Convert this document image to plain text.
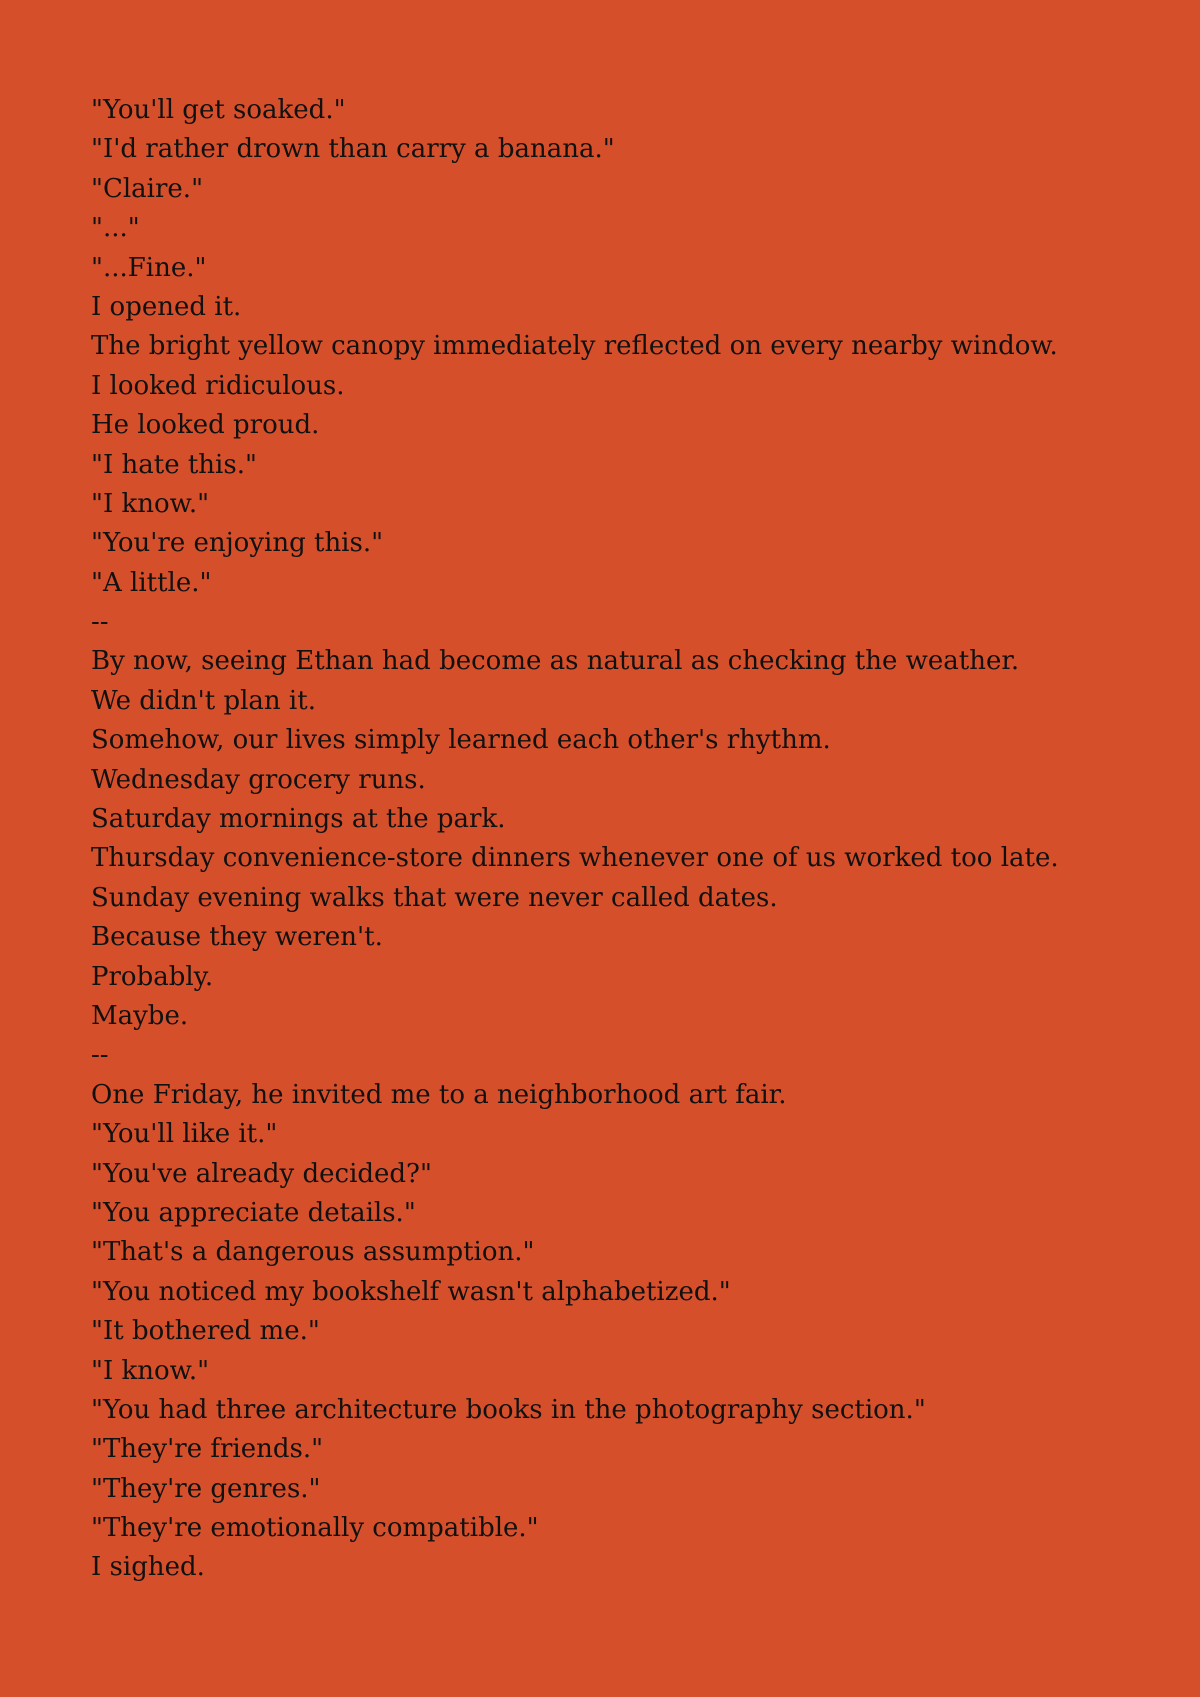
"You'll get soaked."
"I'd rather drown than carry a banana."
"Claire."
"..."
"...Fine."
I opened it.
The bright yellow canopy immediately reflected on every nearby window.
I looked ridiculous.
He looked proud.
"I hate this."
"I know."
"You're enjoying this."
"A little."
--
By now, seeing Ethan had become as natural as checking the weather.
We didn't plan it.
Somehow, our lives simply learned each other's rhythm.
Wednesday grocery runs.
Saturday mornings at the park.
Thursday convenience-store dinners whenever one of us worked too late.
Sunday evening walks that were never called dates.
Because they weren't.
Probably.
Maybe.
--
One Friday, he invited me to a neighborhood art fair.
"You'll like it."
"You've already decided?"
"You appreciate details."
"That's a dangerous assumption."
"You noticed my bookshelf wasn't alphabetized."
"It bothered me."
"I know."
"You had three architecture books in the photography section."
"They're friends."
"They're genres."
"They're emotionally compatible."
I sighed.
